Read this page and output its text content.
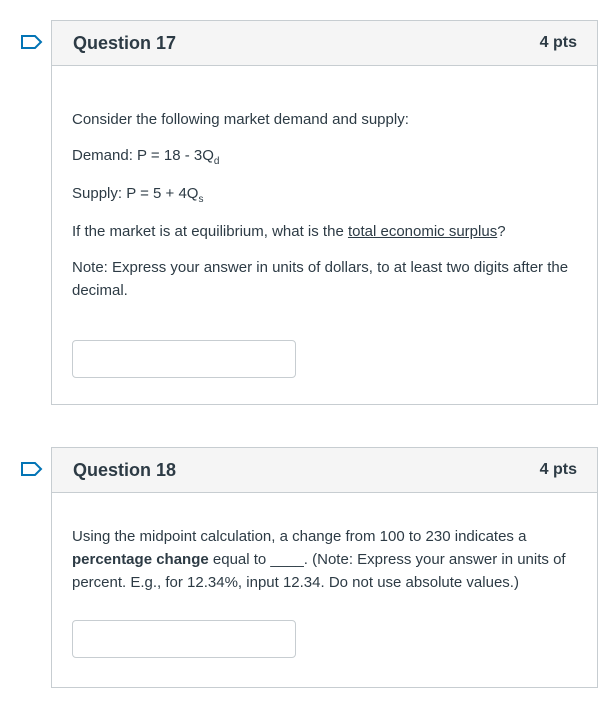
Question 17	4 pts

Consider the following market demand and supply:

Demand: $P = 18 - 3Q_d$

Supply: $P = 5 + 4Q_s$

If the market is at equilibrium, what is the total economic surplus?

Note: Express your answer in units of dollars, to at least two digits after the decimal.

Question 18	4 pts

Using the midpoint calculation, a change from 100 to 230 indicates a percentage change equal to ____. (Note: Express your answer in units of percent. E.g., for 12.34%, input 12.34. Do not use absolute values.)
